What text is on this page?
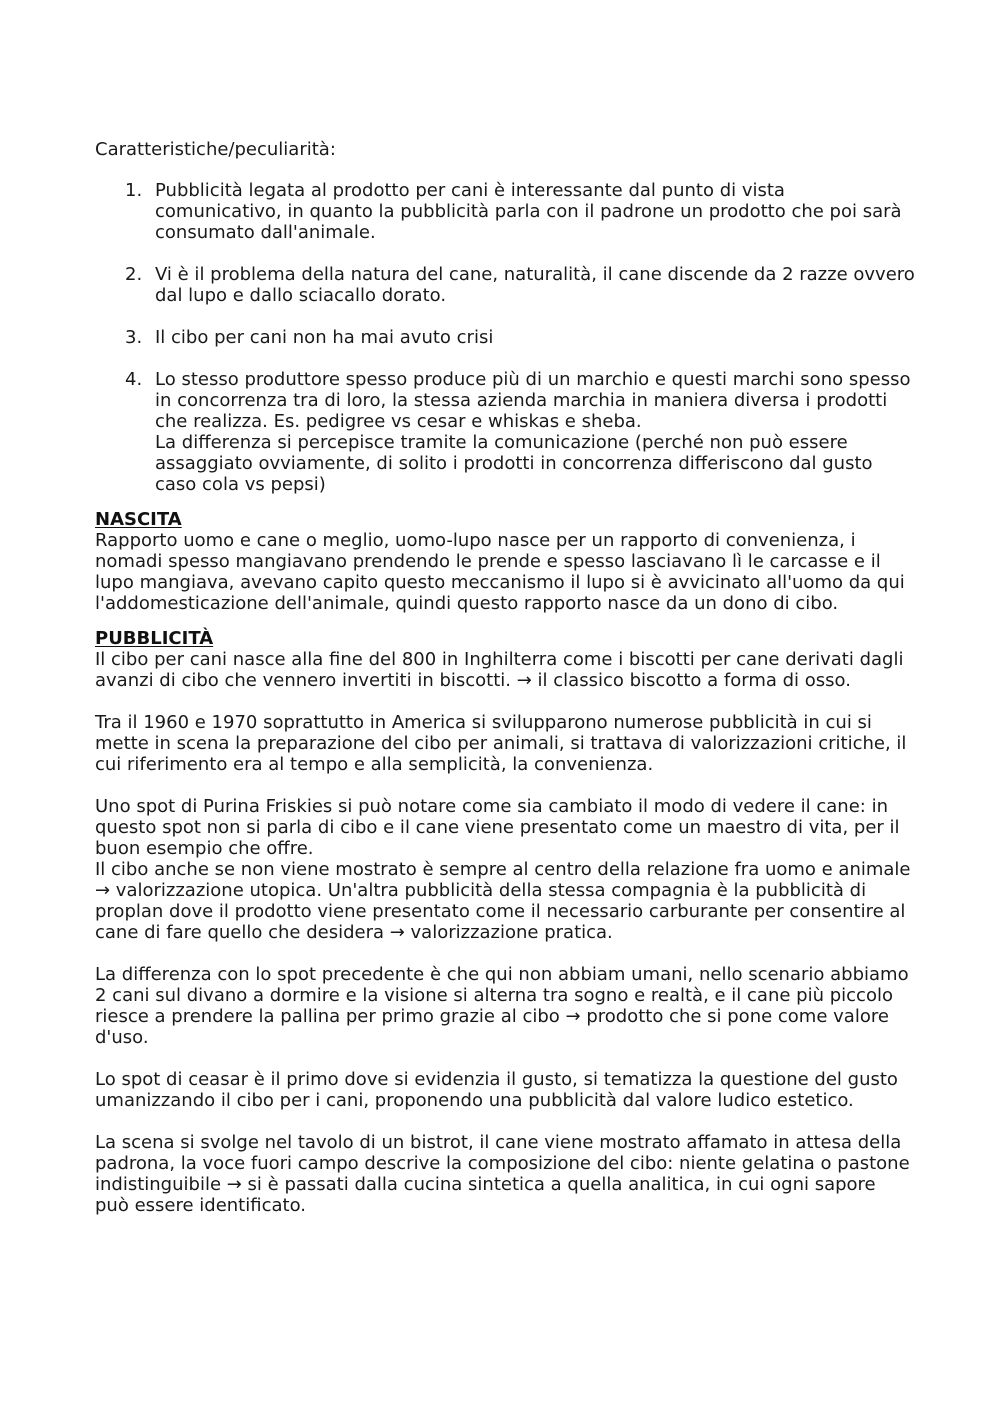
Caratteristiche/peculiarità:

1. Pubblicità legata al prodotto per cani è interessante dal punto di vista comunicativo, in quanto la pubblicità parla con il padrone un prodotto che poi sarà consumato dall'animale.

2. Vi è il problema della natura del cane, naturalità, il cane discende da 2 razze ovvero dal lupo e dallo sciacallo dorato.

3. Il cibo per cani non ha mai avuto crisi

4. Lo stesso produttore spesso produce più di un marchio e questi marchi sono spesso in concorrenza tra di loro, la stessa azienda marchia in maniera diversa i prodotti che realizza. Es. pedigree vs cesar e whiskas e sheba.

La differenza si percepisce tramite la comunicazione (perché non può essere assaggiato ovviamente, di solito i prodotti in concorrenza differiscono dal gusto caso cola vs pepsi)

NASCITA

Rapporto uomo e cane o meglio, uomo-lupo nasce per un rapporto di convenienza, i nomadi spesso mangiavano prendendo le prende e spesso lasciavano lì le carcasse e il lupo mangiava, avevano capito questo meccanismo il lupo si è avvicinato all'uomo da qui l'addomesticazione dell'animale, quindi questo rapporto nasce da un dono di cibo.

PUBBLICITÀ

Il cibo per cani nasce alla fine del 800 in Inghilterra come i biscotti per cane derivati dagli avanzi di cibo che vennero invertiti in biscotti. → il classico biscotto a forma di osso.

Tra il 1960 e 1970 soprattutto in America si svilupparono numerose pubblicità in cui si mette in scena la preparazione del cibo per animali, si trattava di valorizzazioni critiche, il cui riferimento era al tempo e alla semplicità, la convenienza.

Uno spot di Purina Friskies si può notare come sia cambiato il modo di vedere il cane: in questo spot non si parla di cibo e il cane viene presentato come un maestro di vita, per il buon esempio che offre.

Il cibo anche se non viene mostrato è sempre al centro della relazione fra uomo e animale → valorizzazione utopica. Un'altra pubblicità della stessa compagnia è la pubblicità di proplan dove il prodotto viene presentato come il necessario carburante per consentire al cane di fare quello che desidera → valorizzazione pratica.

La differenza con lo spot precedente è che qui non abbiam umani, nello scenario abbiamo 2 cani sul divano a dormire e la visione si alterna tra sogno e realtà, e il cane più piccolo riesce a prendere la pallina per primo grazie al cibo → prodotto che si pone come valore d'uso.

Lo spot di ceasar è il primo dove si evidenzia il gusto, si tematizza la questione del gusto umanizzando il cibo per i cani, proponendo una pubblicità dal valore ludico estetico.

La scena si svolge nel tavolo di un bistrot, il cane viene mostrato affamato in attesa della padrona, la voce fuori campo descrive la composizione del cibo: niente gelatina o pastone indistinguibile → si è passati dalla cucina sintetica a quella analitica, in cui ogni sapore può essere identificato.
